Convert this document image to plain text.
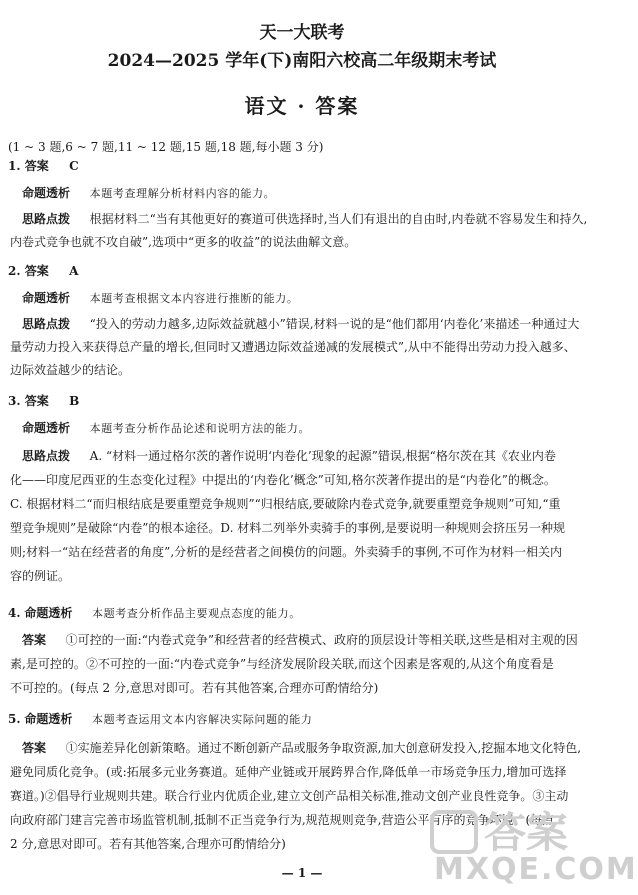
天一大联考
2024—2025 学年(下)南阳六校高二年级期末考试
语文 · 答案
(1 ~ 3 题,6 ~ 7 题,11 ~ 12 题,15 题,18 题,每小题 3 分)
1. 答案 C
命题透析 本题考查理解分析材料内容的能力。
思路点拨 根据材料二“当有其他更好的赛道可供选择时,当人们有退出的自由时,内卷就不容易发生和持久,
内卷式竞争也就不攻自破”,选项中“更多的收益”的说法曲解文意。
2. 答案 A
命题透析 本题考查根据文本内容进行推断的能力。
思路点拨 “投入的劳动力越多,边际效益就越小”错误,材料一说的是“他们都用‘内卷化’来描述一种通过大
量劳动力投入来获得总产量的增长,但同时又遭遇边际效益递减的发展模式”,从中不能得出劳动力投入越多、
边际效益越少的结论。
3. 答案 B
命题透析 本题考查分析作品论述和说明方法的能力。
思路点拨 A. “材料一通过格尔茨的著作说明‘内卷化’现象的起源”错误,根据“格尔茨在其《农业内卷
化——印度尼西亚的生态变化过程》中提出的‘内卷化’概念”可知,格尔茨著作提出的是“内卷化”的概念。
C. 根据材料二“而归根结底是要重塑竞争规则”“归根结底,要破除内卷式竞争,就要重塑竞争规则”可知,“重
塑竞争规则”是破除“内卷”的根本途径。D. 材料二列举外卖骑手的事例,是要说明一种规则会挤压另一种规
则;材料一“站在经营者的角度”,分析的是经营者之间模仿的问题。外卖骑手的事例,不可作为材料一相关内
容的例证。
4. 命题透析 本题考查分析作品主要观点态度的能力。
答案 ①可控的一面:“内卷式竞争”和经营者的经营模式、政府的顶层设计等相关联,这些是相对主观的因
素,是可控的。②不可控的一面:“内卷式竞争”与经济发展阶段关联,而这个因素是客观的,从这个角度看是
不可控的。(每点 2 分,意思对即可。若有其他答案,合理亦可酌情给分)
5. 命题透析 本题考查运用文本内容解决实际问题的能力
答案 ①实施差异化创新策略。通过不断创新产品或服务争取资源,加大创意研发投入,挖掘本地文化特色,
避免同质化竞争。(或:拓展多元业务赛道。延伸产业链或开展跨界合作,降低单一市场竞争压力,增加可选择
赛道。)②倡导行业规则共建。联合行业内优质企业,建立文创产品相关标准,推动文创产业良性竞争。③主动
向政府部门建言完善市场监管机制,抵制不正当竞争行为,规范规则竞争,营造公平有序的竞争环境。(每点
2 分,意思对即可。若有其他答案,合理亦可酌情给分)
— 1 —
答案
MXQE.COM
